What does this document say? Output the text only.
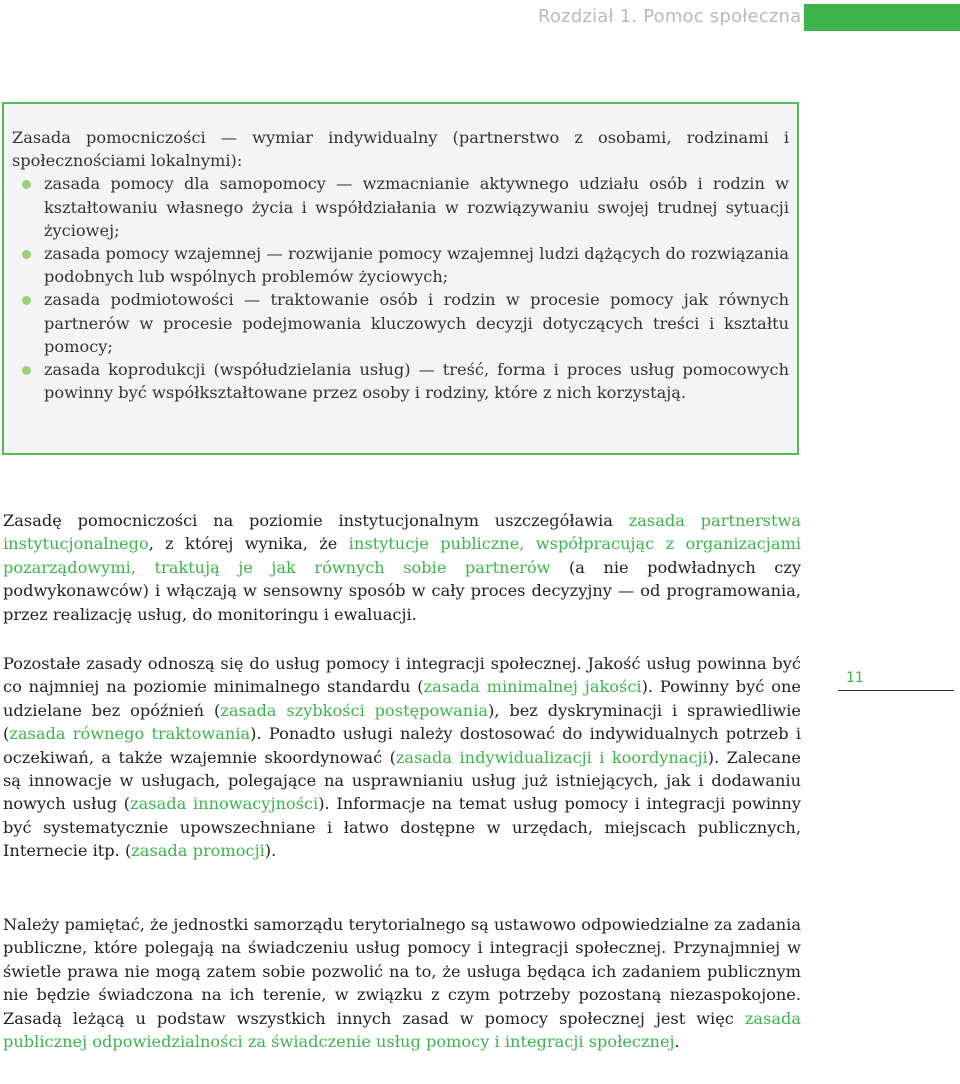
Rozdział 1. Pomoc społeczna

Zasada pomocniczości — wymiar indywidualny (partnerstwo z osobami, rodzinami i społecznościami lokalnymi):

zasada pomocy dla samopomocy — wzmacnianie aktywnego udziału osób i rodzin w kształtowaniu własnego życia i współdziałania w rozwiązywaniu swojej trudnej sytuacji życiowej;
zasada pomocy wzajemnej — rozwijanie pomocy wzajemnej ludzi dążących do rozwiązania podobnych lub wspólnych problemów życiowych;
zasada podmiotowości — traktowanie osób i rodzin w procesie pomocy jak równych partnerów w procesie podejmowania kluczowych decyzji dotyczących treści i kształtu pomocy;
zasada koprodukcji (współudzielania usług) — treść, forma i proces usług pomocowych powinny być współkształtowane przez osoby i rodziny, które z nich korzystają.

Zasadę pomocniczości na poziomie instytucjonalnym uszczegóławia zasada partnerstwa instytucjonalnego, z której wynika, że instytucje publiczne, współpracując z organizacjami pozarządowymi, traktują je jak równych sobie partnerów (a nie podwładnych czy podwykonawców) i włączają w sensowny sposób w cały proces decyzyjny — od programowania, przez realizację usług, do monitoringu i ewaluacji.

Pozostałe zasady odnoszą się do usług pomocy i integracji społecznej. Jakość usług powinna być co najmniej na poziomie minimalnego standardu (zasada minimalnej jakości). Powinny być one udzielane bez opóźnień (zasada szybkości postępowania), bez dyskryminacji i sprawiedliwie (zasada równego traktowania). Ponadto usługi należy dostosować do indywidualnych potrzeb i oczekiwań, a także wzajemnie skoordynować (zasada indywidualizacji i koordynacji). Zalecane są innowacje w usługach, polegające na usprawnianiu usług już istniejących, jak i dodawaniu nowych usług (zasada innowacyjności). Informacje na temat usług pomocy i integracji powinny być systematycznie upowszechniane i łatwo dostępne w urzędach, miejscach publicznych, Internecie itp. (zasada promocji).

Należy pamiętać, że jednostki samorządu terytorialnego są ustawowo odpowiedzialne za zadania publiczne, które polegają na świadczeniu usług pomocy i integracji społecznej. Przynajmniej w świetle prawa nie mogą zatem sobie pozwolić na to, że usługa będąca ich zadaniem publicznym nie będzie świadczona na ich terenie, w związku z czym potrzeby pozostaną niezaspokojone. Zasadą leżącą u podstaw wszystkich innych zasad w pomocy społecznej jest więc zasada publicznej odpowiedzialności za świadczenie usług pomocy i integracji społecznej.

11
